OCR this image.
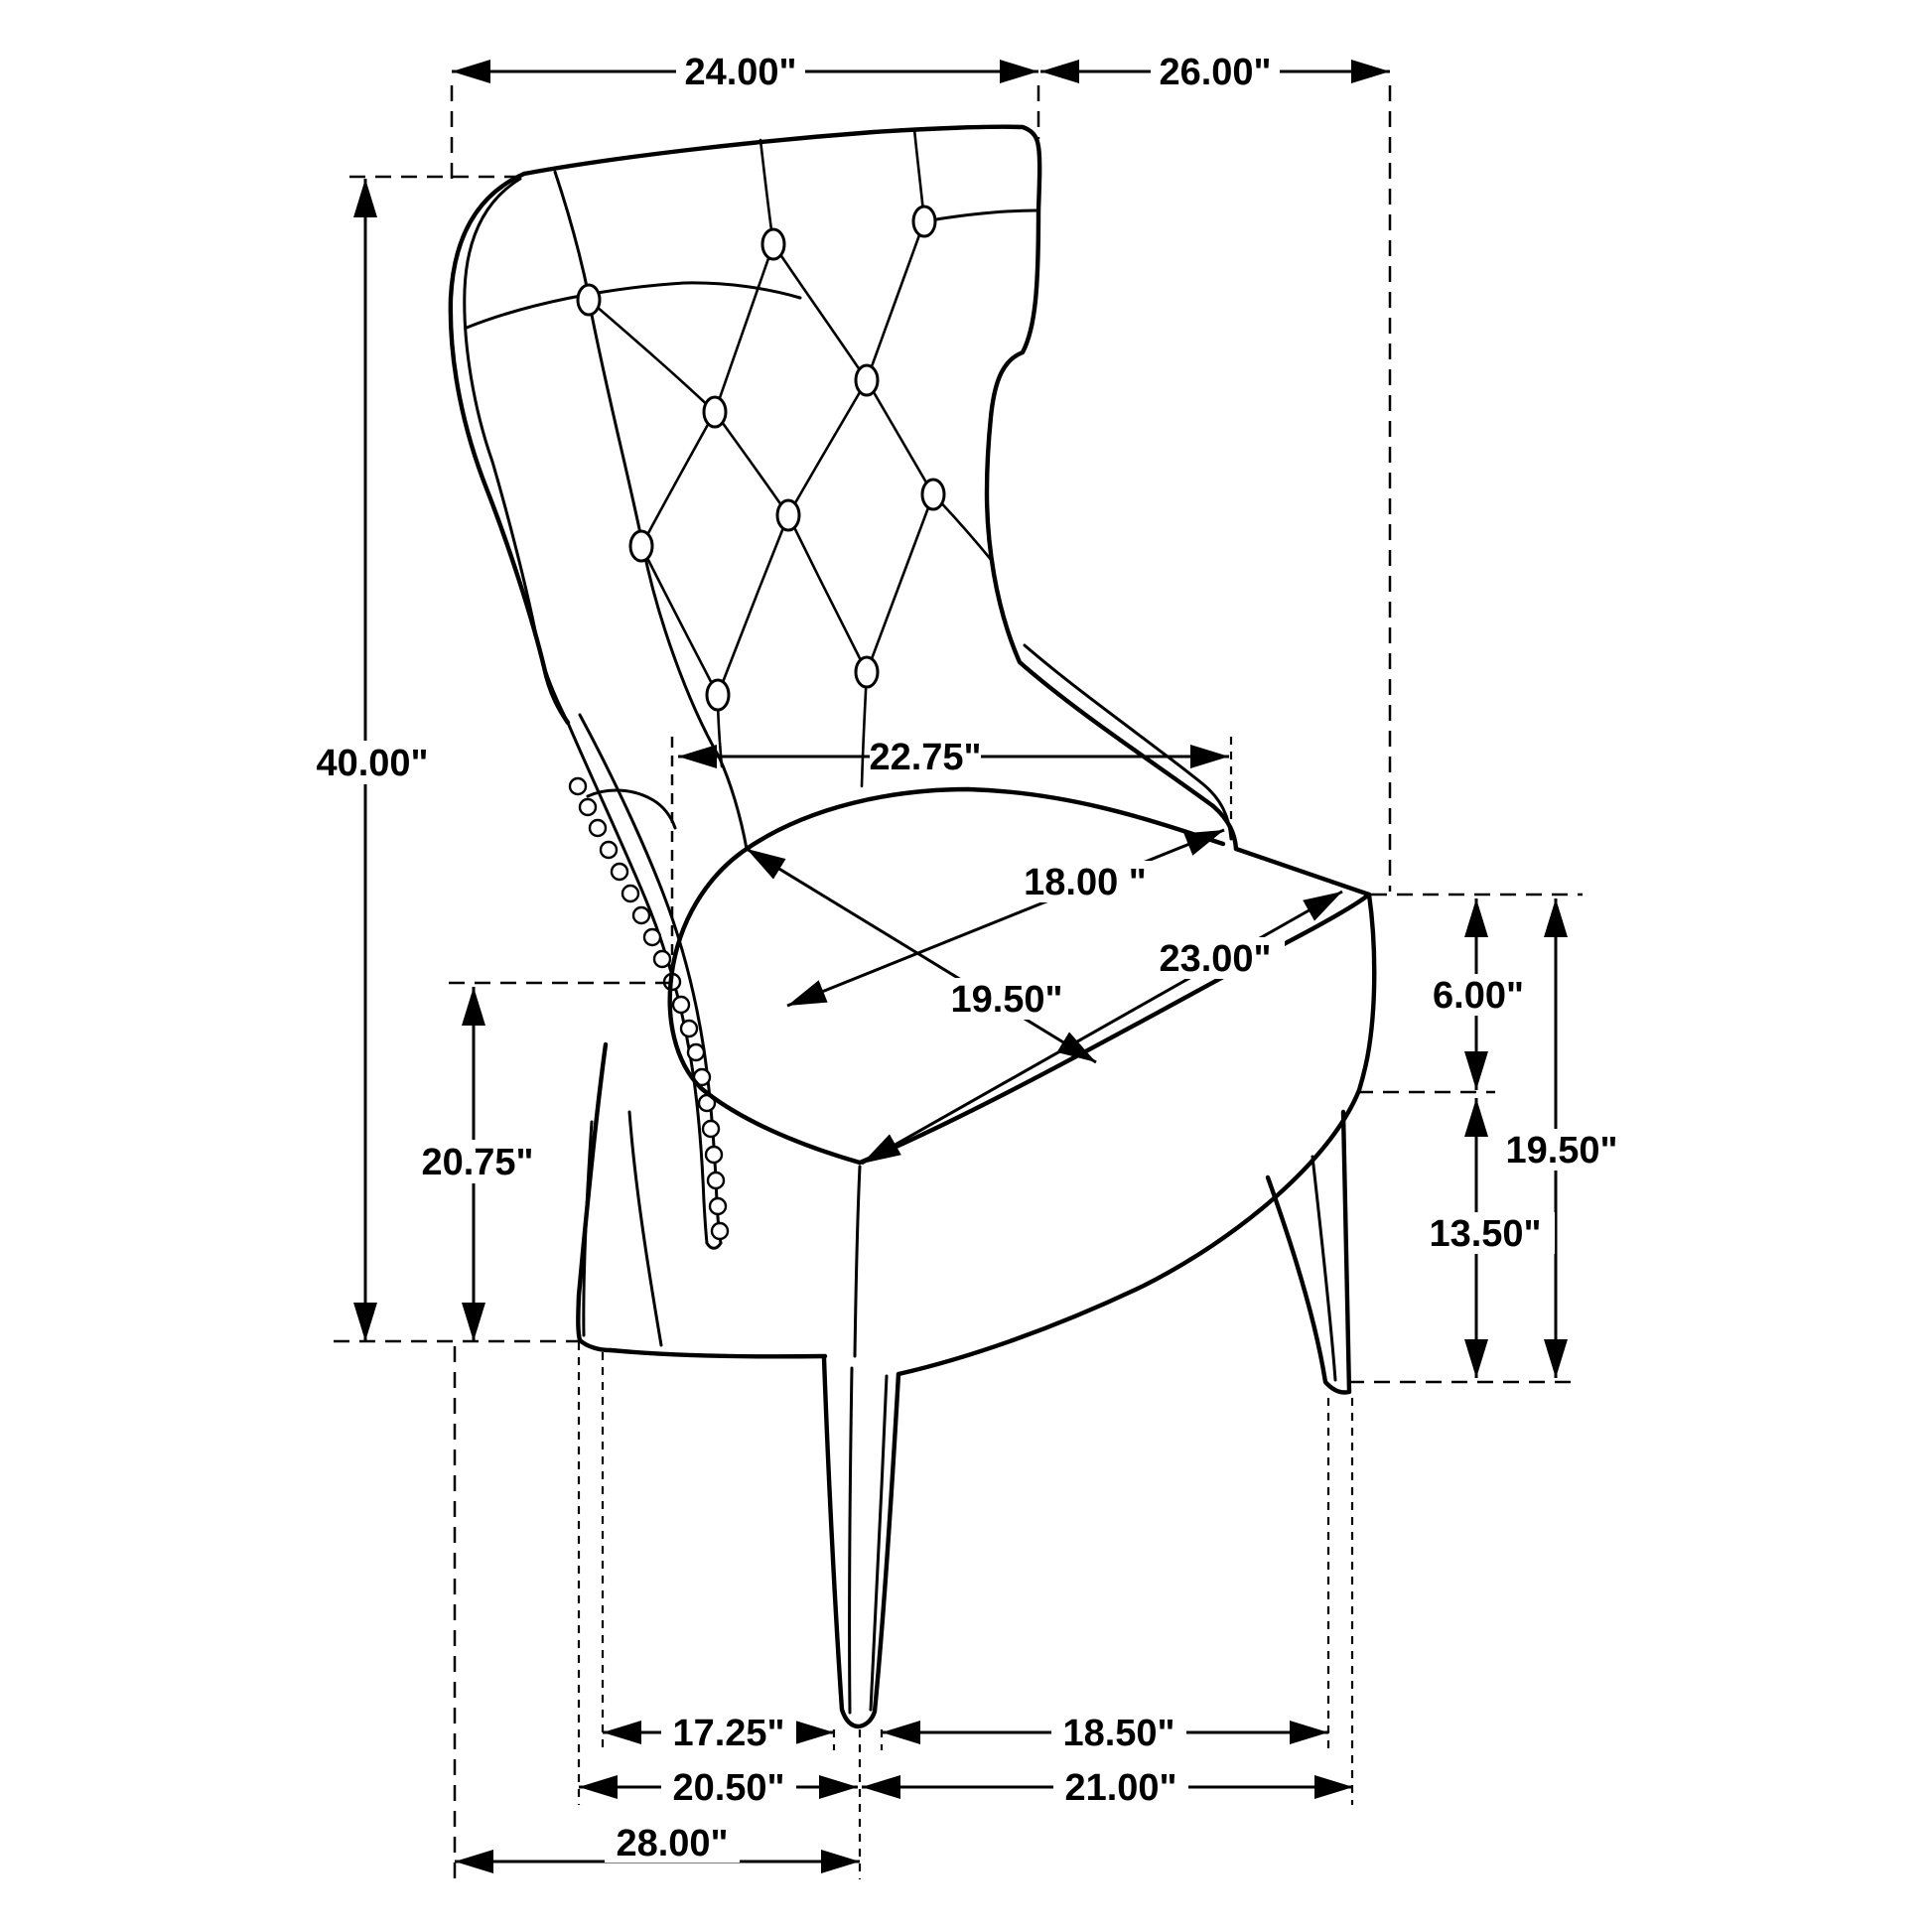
24.00"	26.00"
40.00"
20.75"
22.75"
18.00 "
23.00"
19.50"	6.00"
13.50"
19.50"
17.25"	18.50"
20.50"	21.00"
28.00"
